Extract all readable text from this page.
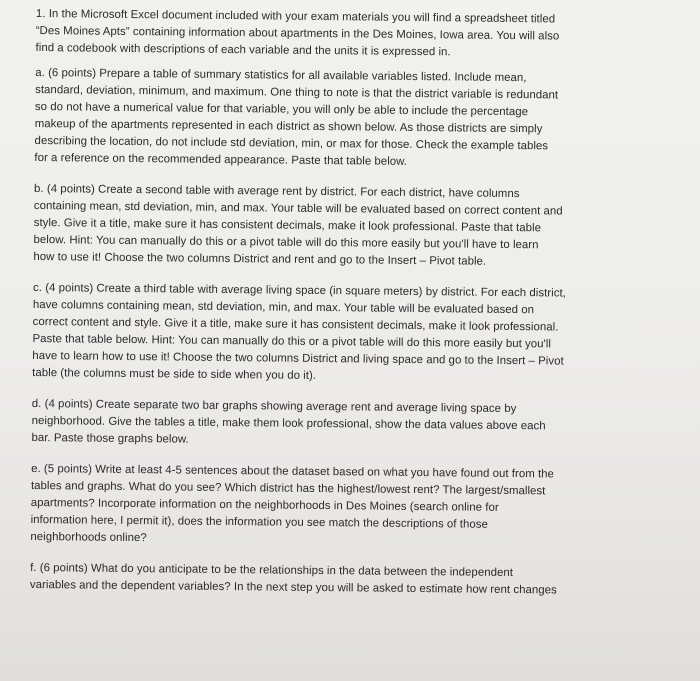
1. In the Microsoft Excel document included with your exam materials you will find a spreadsheet titled
“Des Moines Apts” containing information about apartments in the Des Moines, Iowa area. You will also
find a codebook with descriptions of each variable and the units it is expressed in.

a. (6 points) Prepare a table of summary statistics for all available variables listed. Include mean,
standard, deviation, minimum, and maximum. One thing to note is that the district variable is redundant
so do not have a numerical value for that variable, you will only be able to include the percentage
makeup of the apartments represented in each district as shown below. As those districts are simply
describing the location, do not include std deviation, min, or max for those. Check the example tables
for a reference on the recommended appearance. Paste that table below.

b. (4 points) Create a second table with average rent by district. For each district, have columns
containing mean, std deviation, min, and max. Your table will be evaluated based on correct content and
style. Give it a title, make sure it has consistent decimals, make it look professional. Paste that table
below. Hint: You can manually do this or a pivot table will do this more easily but you'll have to learn
how to use it! Choose the two columns District and rent and go to the Insert – Pivot table.

c. (4 points) Create a third table with average living space (in square meters) by district. For each district,
have columns containing mean, std deviation, min, and max. Your table will be evaluated based on
correct content and style. Give it a title, make sure it has consistent decimals, make it look professional.
Paste that table below. Hint: You can manually do this or a pivot table will do this more easily but you'll
have to learn how to use it! Choose the two columns District and living space and go to the Insert – Pivot
table (the columns must be side to side when you do it).

d. (4 points) Create separate two bar graphs showing average rent and average living space by
neighborhood. Give the tables a title, make them look professional, show the data values above each
bar. Paste those graphs below.

e. (5 points) Write at least 4-5 sentences about the dataset based on what you have found out from the
tables and graphs. What do you see? Which district has the highest/lowest rent? The largest/smallest
apartments? Incorporate information on the neighborhoods in Des Moines (search online for
information here, I permit it), does the information you see match the descriptions of those
neighborhoods online?

f. (6 points) What do you anticipate to be the relationships in the data between the independent
variables and the dependent variables? In the next step you will be asked to estimate how rent changes
